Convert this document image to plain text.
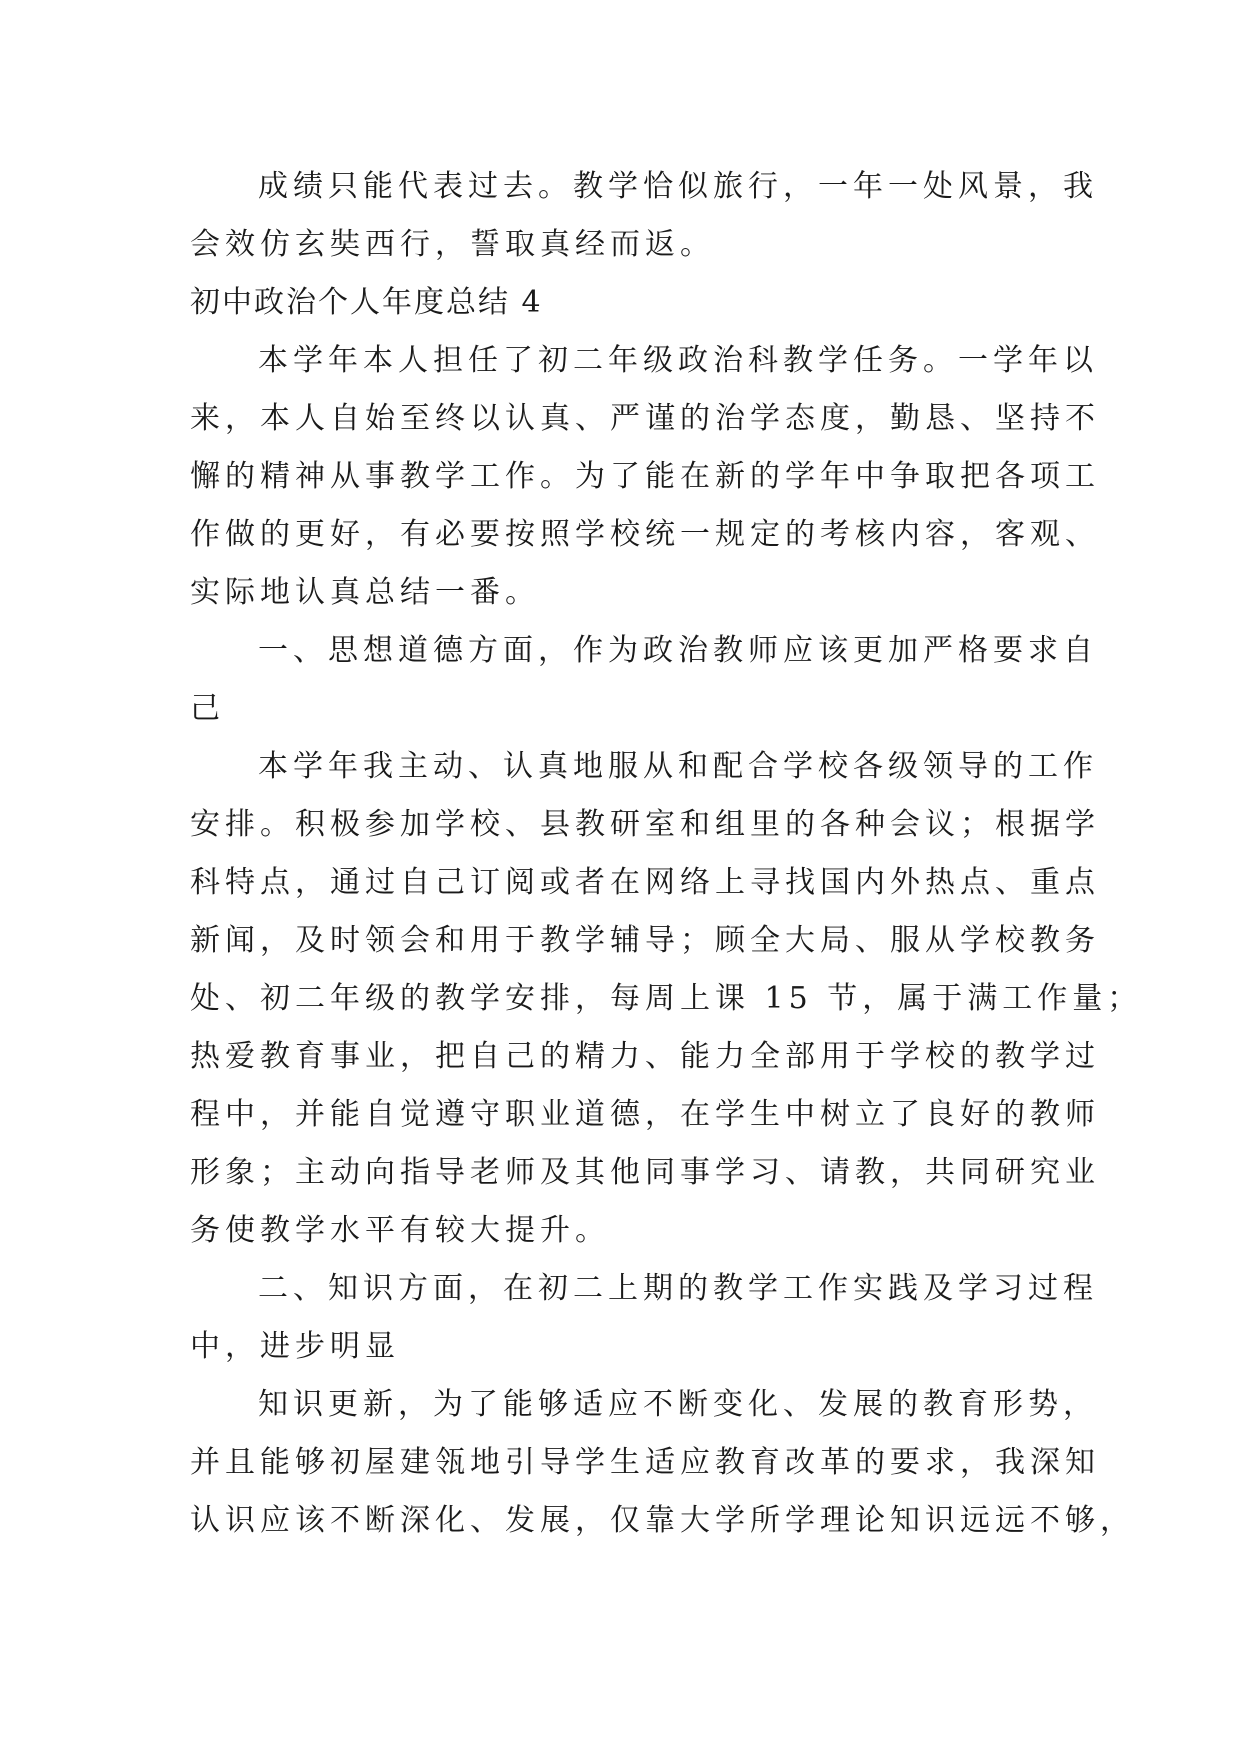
成绩只能代表过去。教学恰似旅行，一年一处风景，我
会效仿玄奘西行，誓取真经而返。
初中政治个人年度总结 4
本学年本人担任了初二年级政治科教学任务。一学年以
来，本人自始至终以认真、严谨的治学态度，勤恳、坚持不
懈的精神从事教学工作。为了能在新的学年中争取把各项工
作做的更好，有必要按照学校统一规定的考核内容，客观、
实际地认真总结一番。
一、思想道德方面，作为政治教师应该更加严格要求自
己
本学年我主动、认真地服从和配合学校各级领导的工作
安排。积极参加学校、县教研室和组里的各种会议；根据学
科特点，通过自己订阅或者在网络上寻找国内外热点、重点
新闻，及时领会和用于教学辅导；顾全大局、服从学校教务
处、初二年级的教学安排，每周上课 15 节，属于满工作量；
热爱教育事业，把自己的精力、能力全部用于学校的教学过
程中，并能自觉遵守职业道德，在学生中树立了良好的教师
形象；主动向指导老师及其他同事学习、请教，共同研究业
务使教学水平有较大提升。
二、知识方面，在初二上期的教学工作实践及学习过程
中，进步明显
知识更新，为了能够适应不断变化、发展的教育形势，
并且能够初屋建瓴地引导学生适应教育改革的要求，我深知
认识应该不断深化、发展，仅靠大学所学理论知识远远不够，
